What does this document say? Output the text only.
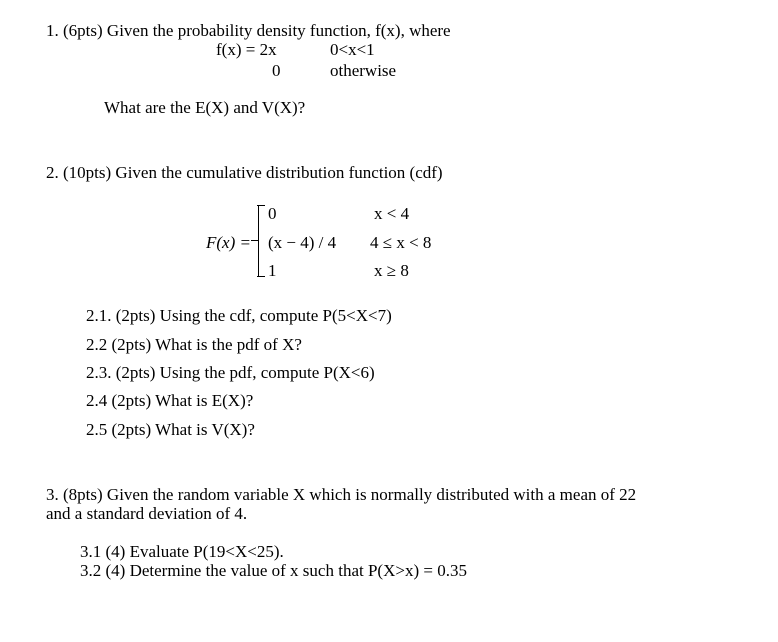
1. (6pts) Given the probability density function, f(x), where
f(x) = 2x	0<x<1
0	otherwise
What are the E(X) and V(X)?
2. (10pts) Given the cumulative distribution function (cdf)
F(x) =
0
(x − 4) / 4
1
x < 4
4 ≤ x < 8
x ≥ 8
2.1. (2pts) Using the cdf, compute P(5<X<7)
2.2 (2pts) What is the pdf of X?
2.3. (2pts) Using the pdf, compute P(X<6)
2.4 (2pts) What is E(X)?
2.5 (2pts) What is V(X)?
3. (8pts) Given the random variable X which is normally distributed with a mean of 22
and a standard deviation of 4.
3.1 (4) Evaluate P(19<X<25).
3.2 (4) Determine the value of x such that P(X>x) = 0.35
